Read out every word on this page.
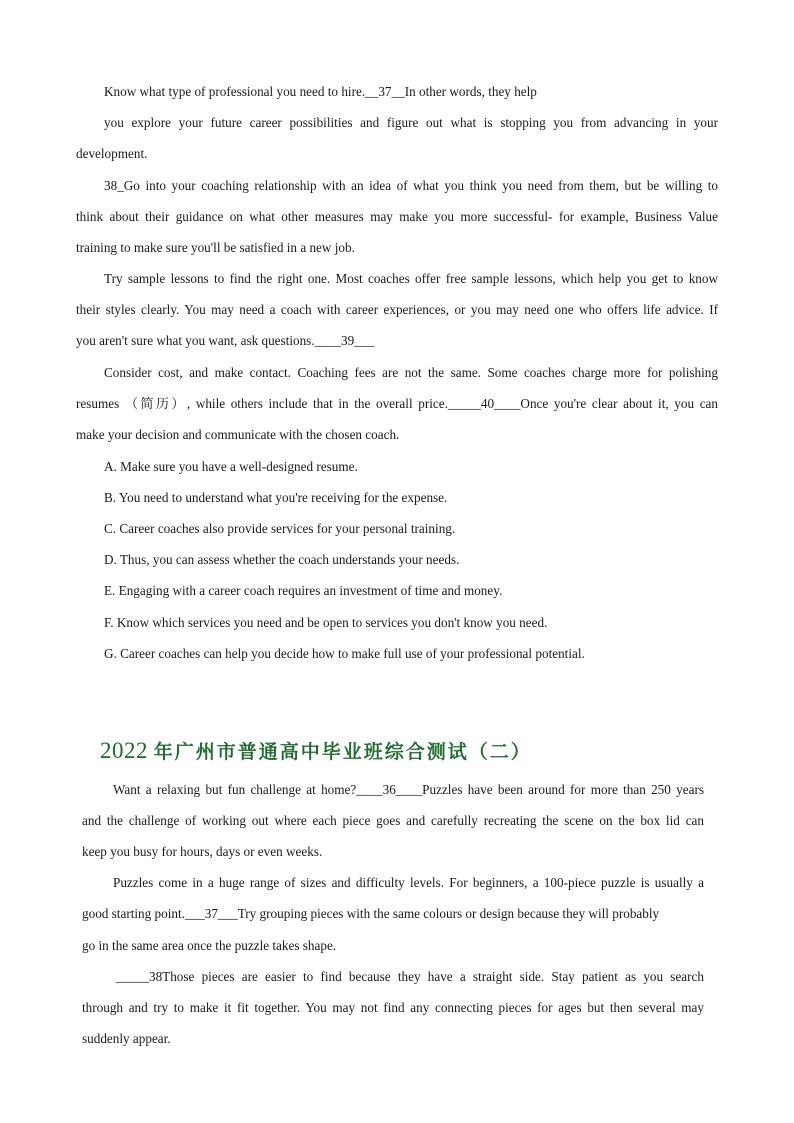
Know what type of professional you need to hire.__37__In other words, they help
you explore your future career possibilities and figure out what is stopping you from advancing in your
development.
38_Go into your coaching relationship with an idea of what you think you need from them, but be willing to
think about their guidance on what other measures may make you more successful- for example, Business Value
training to make sure you'll be satisfied in a new job.
Try sample lessons to find the right one. Most coaches offer free sample lessons, which help you get to know
their styles clearly. You may need a coach with career experiences, or you may need one who offers life advice. If
you aren't sure what you want, ask questions.____39___
Consider cost, and make contact. Coaching fees are not the same. Some coaches charge more for polishing
resumes （简历）, while others include that in the overall price._____40____Once you're clear about it, you can
make your decision and communicate with the chosen coach.
A. Make sure you have a well-designed resume.
B. You need to understand what you're receiving for the expense.
C. Career coaches also provide services for your personal training.
D. Thus, you can assess whether the coach understands your needs.
E. Engaging with a career coach requires an investment of time and money.
F. Know which services you need and be open to services you don't know you need.
G. Career coaches can help you decide how to make full use of your professional potential.
2022 年广州市普通高中毕业班综合测试（二）
Want a relaxing but fun challenge at home?____36____Puzzles have been around for more than 250 years
and the challenge of working out where each piece goes and carefully recreating the scene on the box lid can
keep you busy for hours, days or even weeks.
Puzzles come in a huge range of sizes and difficulty levels. For beginners, a 100-piece puzzle is usually a
good starting point.___37___Try grouping pieces with the same colours or design because they will probably
go in the same area once the puzzle takes shape.
_____38Those pieces are easier to find because they have a straight side. Stay patient as you search
through and try to make it fit together. You may not find any connecting pieces for ages but then several may
suddenly appear.
